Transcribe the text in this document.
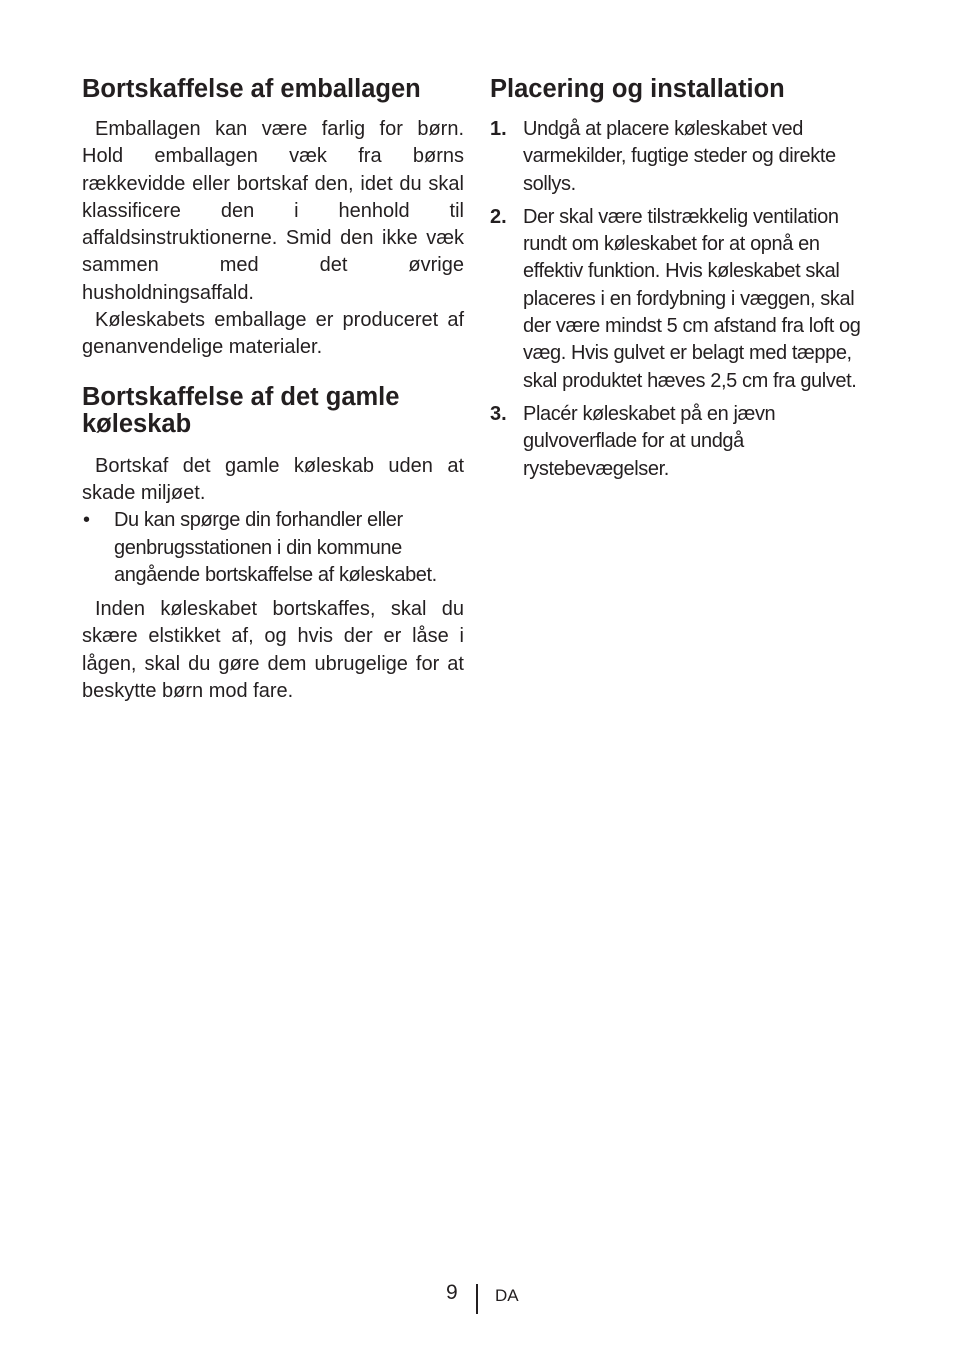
Bortskaffelse af emballagen

Emballagen kan være farlig for børn. Hold emballagen væk fra børns rækkevidde eller bortskaf den, idet du skal klassificere den i henhold til affaldsinstruktionerne. Smid den ikke væk sammen med det øvrige husholdningsaffald.

Køleskabets emballage er produceret af genanvendelige materialer.

Bortskaffelse af det gamle køleskab

Bortskaf det gamle køleskab uden at skade miljøet.

• Du kan spørge din forhandler eller genbrugsstationen i din kommune angående bortskaffelse af køleskabet.

Inden køleskabet bortskaffes, skal du skære elstikket af, og hvis der er låse i lågen, skal du gøre dem ubrugelige for at beskytte børn mod fare.

Placering og installation
1. Undgå at placere køleskabet ved varmekilder, fugtige steder og direkte sollys.
2. Der skal være tilstrækkelig ventilation rundt om køleskabet for at opnå en effektiv funktion. Hvis køleskabet skal placeres i en fordybning i væggen, skal der være mindst 5 cm afstand fra loft og væg. Hvis gulvet er belagt med tæppe, skal produktet hæves 2,5 cm fra gulvet.
3. Placér køleskabet på en jævn gulvoverflade for at undgå rystebevægelser.
9 DA
